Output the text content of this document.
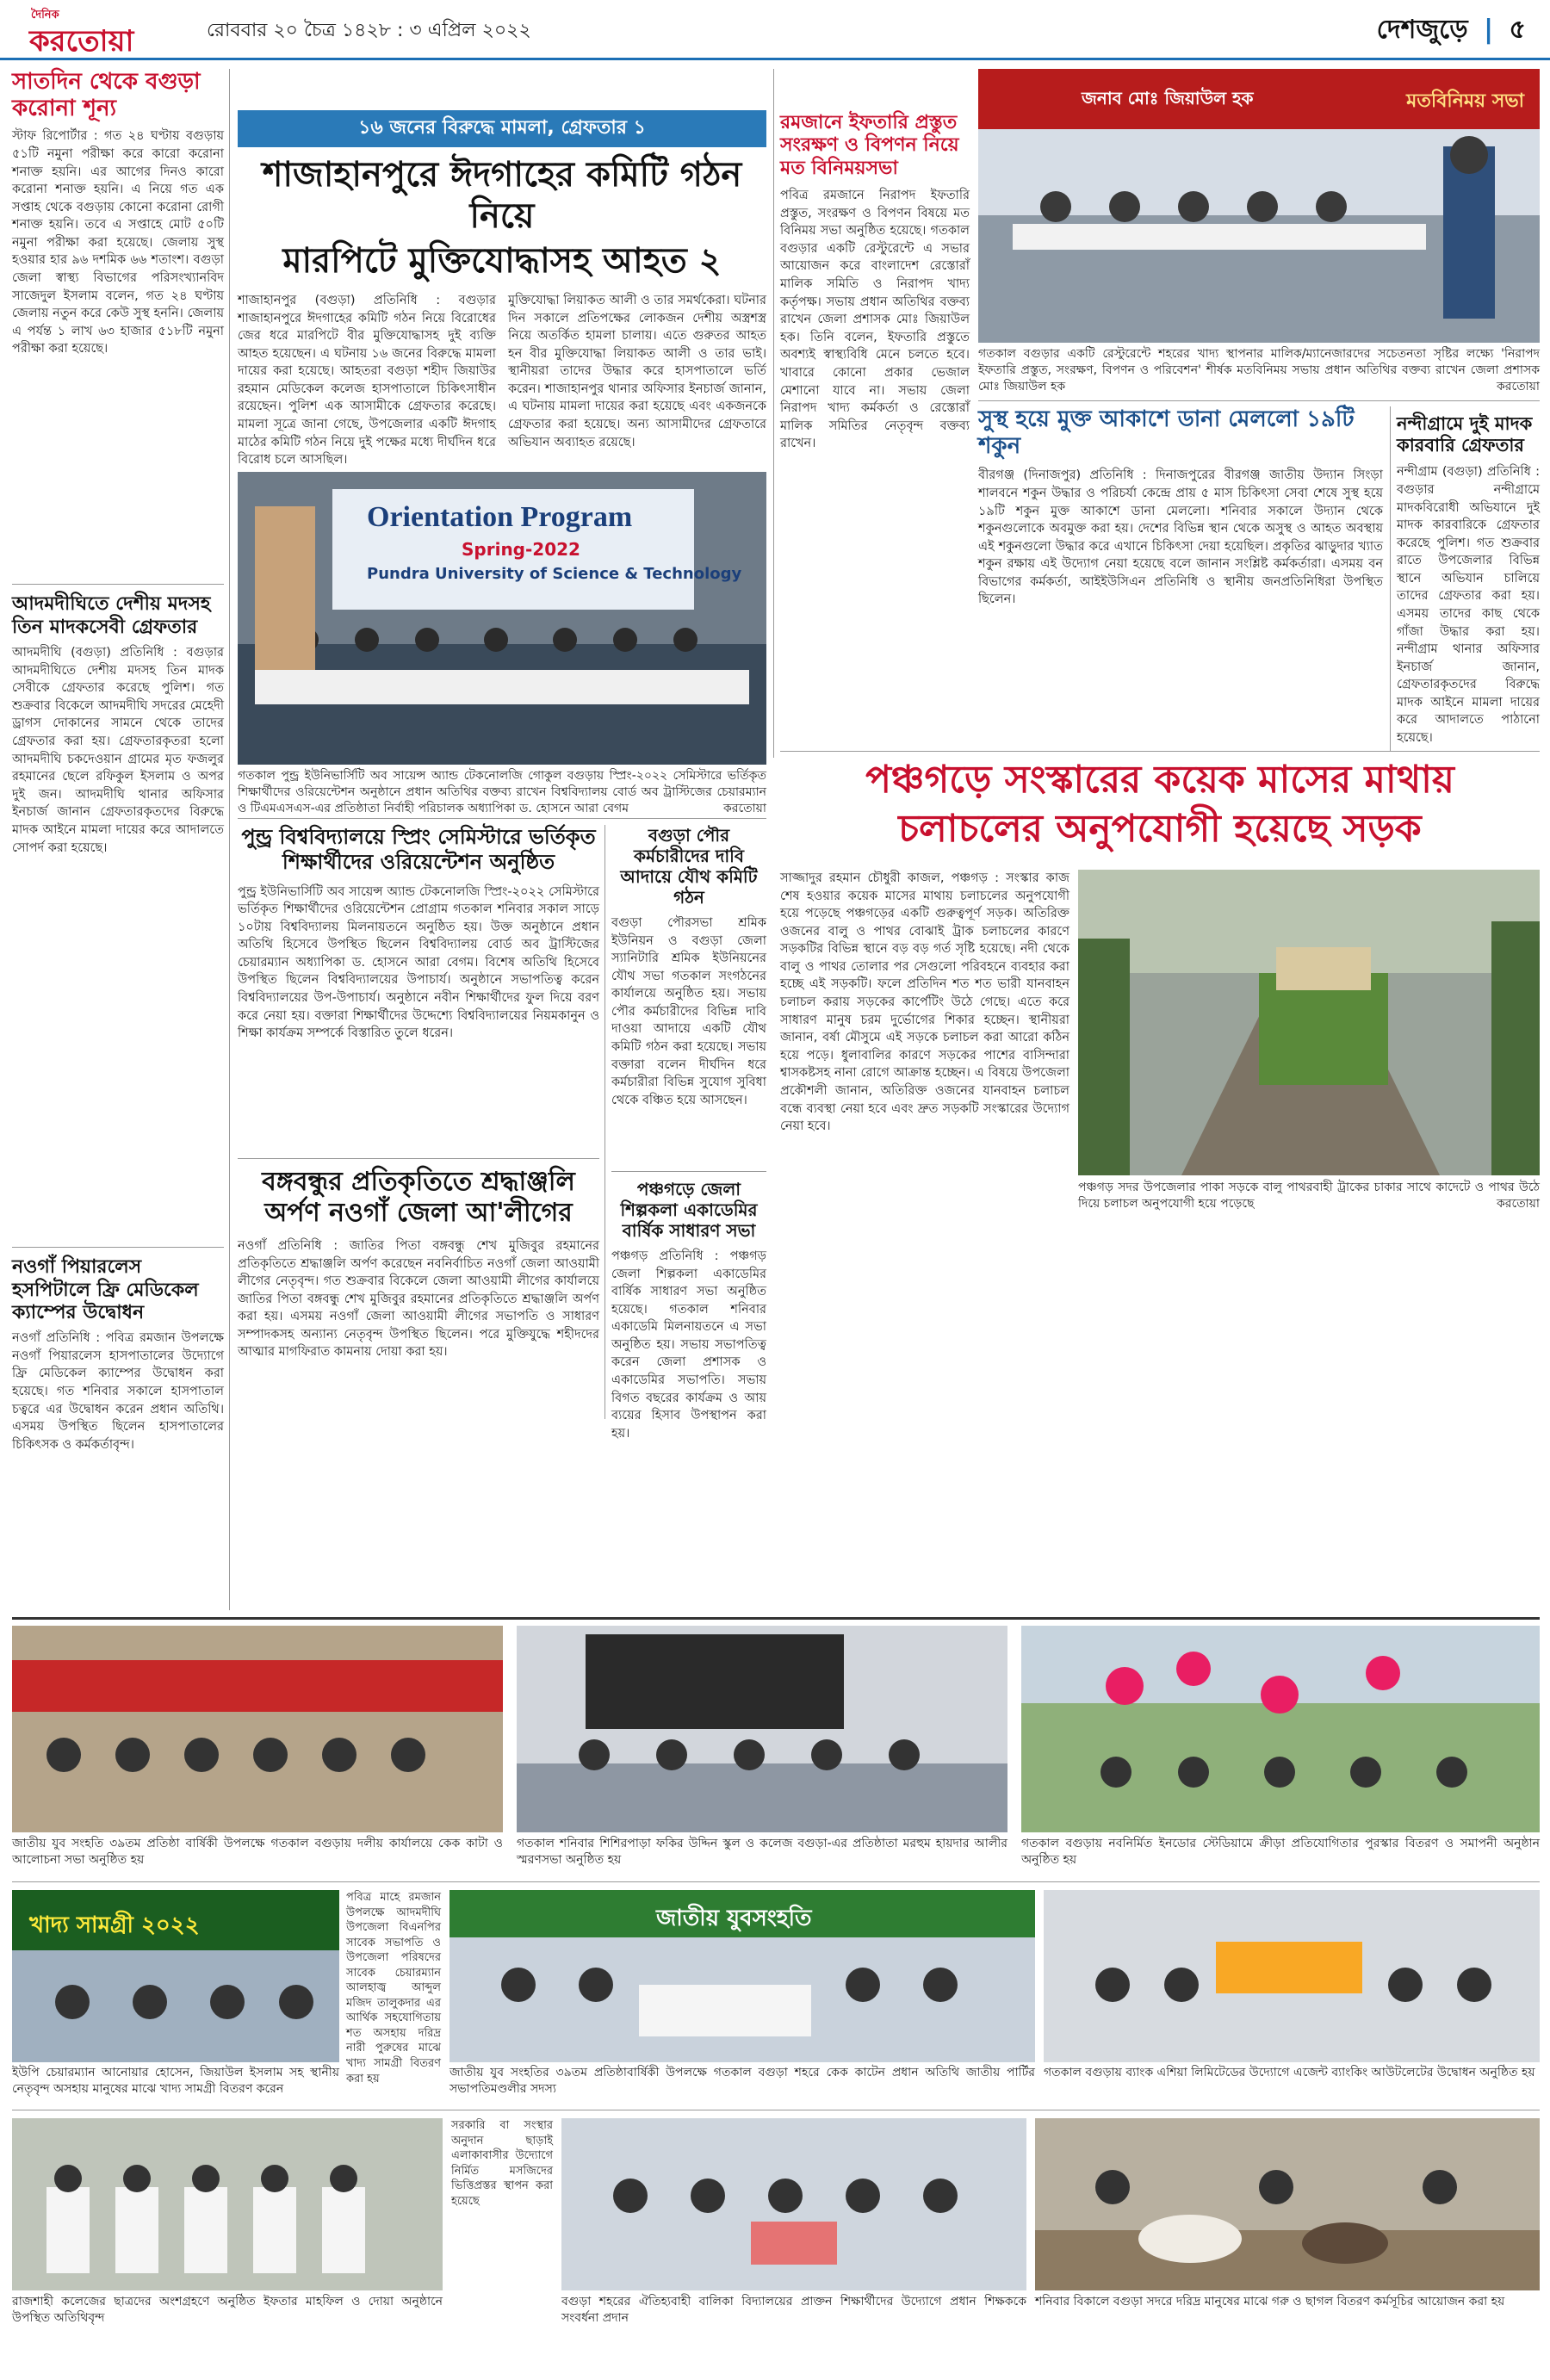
দৈনিক
করতোয়া	রোববার ২০ চৈত্র ১৪২৮ : ৩ এপ্রিল ২০২২	দেশজুড়ে | ৫
সাতদিন থেকে বগুড়া করোনা শূন্য
স্টাফ রিপোর্টার : গত ২৪ ঘণ্টায় বগুড়ায় ৫১টি নমুনা পরীক্ষা করে কারো করোনা শনাক্ত হয়নি। এর আগের দিনও কারো করোনা শনাক্ত হয়নি। এ নিয়ে গত এক সপ্তাহ থেকে বগুড়ায় কোনো করোনা রোগী শনাক্ত হয়নি। তবে এ সপ্তাহে মোট ৫০টি নমুনা পরীক্ষা করা হয়েছে। জেলায় সুস্থ হওয়ার হার ৯৬ দশমিক ৬৬ শতাংশ। বগুড়া জেলা স্বাস্থ্য বিভাগের পরিসংখ্যানবিদ সাজেদুল ইসলাম বলেন, গত ২৪ ঘণ্টায় জেলায় নতুন করে কেউ সুস্থ হননি। জেলায় এ পর্যন্ত ১ লাখ ৬৩ হাজার ৫১৮টি নমুনা পরীক্ষা করা হয়েছে।
আদমদীঘিতে দেশীয় মদসহ তিন মাদকসেবী গ্রেফতার
আদমদীঘি (বগুড়া) প্রতিনিধি : বগুড়ার আদমদীঘিতে দেশীয় মদসহ তিন মাদক সেবীকে গ্রেফতার করেছে পুলিশ। গত শুক্রবার বিকেলে আদমদীঘি সদরের মেহেদী ড্রাগস দোকানের সামনে থেকে তাদের গ্রেফতার করা হয়। গ্রেফতারকৃতরা হলো আদমদীঘি চকদেওয়ান গ্রামের মৃত ফজলুর রহমানের ছেলে রফিকুল ইসলাম ও অপর দুই জন। আদমদীঘি থানার অফিসার ইনচার্জ জানান গ্রেফতারকৃতদের বিরুদ্ধে মাদক আইনে মামলা দায়ের করে আদালতে সোপর্দ করা হয়েছে।
নওগাঁ পিয়ারলেস হসপিটালে ফ্রি মেডিকেল ক্যাম্পের উদ্বোধন
নওগাঁ প্রতিনিধি : পবিত্র রমজান উপলক্ষে নওগাঁ পিয়ারলেস হাসপাতালের উদ্যোগে ফ্রি মেডিকেল ক্যাম্পের উদ্বোধন করা হয়েছে। গত শনিবার সকালে হাসপাতাল চত্বরে এর উদ্বোধন করেন প্রধান অতিথি। এসময় উপস্থিত ছিলেন হাসপাতালের চিকিৎসক ও কর্মকর্তাবৃন্দ।
১৬ জনের বিরুদ্ধে মামলা, গ্রেফতার ১
শাজাহানপুরে ঈদগাহের কমিটি গঠন নিয়ে
মারপিটে মুক্তিযোদ্ধাসহ আহত ২
শাজাহানপুর (বগুড়া) প্রতিনিধি : বগুড়ার শাজাহানপুরে ঈদগাহের কমিটি গঠন নিয়ে বিরোধের জের ধরে মারপিটে বীর মুক্তিযোদ্ধাসহ দুই ব্যক্তি আহত হয়েছেন। এ ঘটনায় ১৬ জনের বিরুদ্ধে মামলা দায়ের করা হয়েছে। আহতরা বগুড়া শহীদ জিয়াউর রহমান মেডিকেল কলেজ হাসপাতালে চিকিৎসাধীন রয়েছেন। পুলিশ এক আসামীকে গ্রেফতার করেছে। মামলা সূত্রে জানা গেছে, উপজেলার একটি ঈদগাহ মাঠের কমিটি গঠন নিয়ে দুই পক্ষের মধ্যে দীর্ঘদিন ধরে বিরোধ চলে আসছিল।
মুক্তিযোদ্ধা লিয়াকত আলী ও তার সমর্থকেরা। ঘটনার দিন সকালে প্রতিপক্ষের লোকজন দেশীয় অস্ত্রশস্ত্র নিয়ে অতর্কিত হামলা চালায়। এতে গুরুতর আহত হন বীর মুক্তিযোদ্ধা লিয়াকত আলী ও তার ভাই। স্থানীয়রা তাদের উদ্ধার করে হাসপাতালে ভর্তি করেন। শাজাহানপুর থানার অফিসার ইনচার্জ জানান, এ ঘটনায় মামলা দায়ের করা হয়েছে এবং একজনকে গ্রেফতার করা হয়েছে। অন্য আসামীদের গ্রেফতারে অভিযান অব্যাহত রয়েছে।
Orientation Program
Spring-2022
Pundra University of Science & Technology
গতকাল পুন্ড্র ইউনিভার্সিটি অব সায়েন্স অ্যান্ড টেকনোলজি গোকুল বগুড়ায় স্প্রিং-২০২২ সেমিস্টারে ভর্তিকৃত শিক্ষার্থীদের ওরিয়েন্টেশন অনুষ্ঠানে প্রধান অতিথির বক্তব্য রাখেন বিশ্ববিদ্যালয় বোর্ড অব ট্রাস্টিজের চেয়ারম্যান ও টিএমএসএস-এর প্রতিষ্ঠাতা নির্বাহী পরিচালক অধ্যাপিকা ড. হোসনে আরা বেগম	করতোয়া
পুন্ড্র বিশ্ববিদ্যালয়ে স্প্রিং সেমিস্টারে ভর্তিকৃত শিক্ষার্থীদের ওরিয়েন্টেশন অনুষ্ঠিত
পুন্ড্র ইউনিভার্সিটি অব সায়েন্স অ্যান্ড টেকনোলজি স্প্রিং-২০২২ সেমিস্টারে ভর্তিকৃত শিক্ষার্থীদের ওরিয়েন্টেশন প্রোগ্রাম গতকাল শনিবার সকাল সাড়ে ১০টায় বিশ্ববিদ্যালয় মিলনায়তনে অনুষ্ঠিত হয়। উক্ত অনুষ্ঠানে প্রধান অতিথি হিসেবে উপস্থিত ছিলেন বিশ্ববিদ্যালয় বোর্ড অব ট্রাস্টিজের চেয়ারম্যান অধ্যাপিকা ড. হোসনে আরা বেগম। বিশেষ অতিথি হিসেবে উপস্থিত ছিলেন বিশ্ববিদ্যালয়ের উপাচার্য। অনুষ্ঠানে সভাপতিত্ব করেন বিশ্ববিদ্যালয়ের উপ-উপাচার্য। অনুষ্ঠানে নবীন শিক্ষার্থীদের ফুল দিয়ে বরণ করে নেয়া হয়। বক্তারা শিক্ষার্থীদের উদ্দেশ্যে বিশ্ববিদ্যালয়ের নিয়মকানুন ও শিক্ষা কার্যক্রম সম্পর্কে বিস্তারিত তুলে ধরেন।
বগুড়া পৌর কর্মচারীদের দাবি আদায়ে যৌথ কমিটি গঠন
বগুড়া পৌরসভা শ্রমিক ইউনিয়ন ও বগুড়া জেলা স্যানিটারি শ্রমিক ইউনিয়নের যৌথ সভা গতকাল সংগঠনের কার্যালয়ে অনুষ্ঠিত হয়। সভায় পৌর কর্মচারীদের বিভিন্ন দাবি দাওয়া আদায়ে একটি যৌথ কমিটি গঠন করা হয়েছে। সভায় বক্তারা বলেন দীর্ঘদিন ধরে কর্মচারীরা বিভিন্ন সুযোগ সুবিধা থেকে বঞ্চিত হয়ে আসছেন।
পঞ্চগড়ে জেলা শিল্পকলা একাডেমির বার্ষিক সাধারণ সভা
পঞ্চগড় প্রতিনিধি : পঞ্চগড় জেলা শিল্পকলা একাডেমির বার্ষিক সাধারণ সভা অনুষ্ঠিত হয়েছে। গতকাল শনিবার একাডেমি মিলনায়তনে এ সভা অনুষ্ঠিত হয়। সভায় সভাপতিত্ব করেন জেলা প্রশাসক ও একাডেমির সভাপতি। সভায় বিগত বছরের কার্যক্রম ও আয় ব্যয়ের হিসাব উপস্থাপন করা হয়।
বঙ্গবন্ধুর প্রতিকৃতিতে শ্রদ্ধাঞ্জলি অর্পণ নওগাঁ জেলা আ'লীগের
নওগাঁ প্রতিনিধি : জাতির পিতা বঙ্গবন্ধু শেখ মুজিবুর রহমানের প্রতিকৃতিতে শ্রদ্ধাঞ্জলি অর্পণ করেছেন নবনির্বাচিত নওগাঁ জেলা আওয়ামী লীগের নেতৃবৃন্দ। গত শুক্রবার বিকেলে জেলা আওয়ামী লীগের কার্যালয়ে জাতির পিতা বঙ্গবন্ধু শেখ মুজিবুর রহমানের প্রতিকৃতিতে শ্রদ্ধাঞ্জলি অর্পণ করা হয়। এসময় নওগাঁ জেলা আওয়ামী লীগের সভাপতি ও সাধারণ সম্পাদকসহ অন্যান্য নেতৃবৃন্দ উপস্থিত ছিলেন। পরে মুক্তিযুদ্ধে শহীদদের আত্মার মাগফিরাত কামনায় দোয়া করা হয়।
রমজানে ইফতারি প্রস্তুত সংরক্ষণ ও বিপণন নিয়ে মত বিনিময়সভা
পবিত্র রমজানে নিরাপদ ইফতারি প্রস্তুত, সংরক্ষণ ও বিপণন বিষয়ে মত বিনিময় সভা অনুষ্ঠিত হয়েছে। গতকাল বগুড়ার একটি রেস্টুরেন্টে এ সভার আয়োজন করে বাংলাদেশ রেস্তোরাঁ মালিক সমিতি ও নিরাপদ খাদ্য কর্তৃপক্ষ। সভায় প্রধান অতিথির বক্তব্য রাখেন জেলা প্রশাসক মোঃ জিয়াউল হক। তিনি বলেন, ইফতারি প্রস্তুতে অবশ্যই স্বাস্থ্যবিধি মেনে চলতে হবে। খাবারে কোনো প্রকার ভেজাল মেশানো যাবে না। সভায় জেলা নিরাপদ খাদ্য কর্মকর্তা ও রেস্তোরাঁ মালিক সমিতির নেতৃবৃন্দ বক্তব্য রাখেন।
মতবিনিময় সভা
জনাব মোঃ জিয়াউল হক
গতকাল বগুড়ার একটি রেস্টুরেন্টে শহরের খাদ্য স্থাপনার মালিক/ম্যানেজারদের সচেতনতা সৃষ্টির লক্ষ্যে 'নিরাপদ ইফতারি প্রস্তুত, সংরক্ষণ, বিপণন ও পরিবেশন' শীর্ষক মতবিনিময় সভায় প্রধান অতিথির বক্তব্য রাখেন জেলা প্রশাসক মোঃ জিয়াউল হক	করতোয়া
সুস্থ হয়ে মুক্ত আকাশে ডানা মেললো ১৯টি শকুন
বীরগঞ্জ (দিনাজপুর) প্রতিনিধি : দিনাজপুরের বীরগঞ্জ জাতীয় উদ্যান সিংড়া শালবনে শকুন উদ্ধার ও পরিচর্যা কেন্দ্রে প্রায় ৫ মাস চিকিৎসা সেবা শেষে সুস্থ হয়ে ১৯টি শকুন মুক্ত আকাশে ডানা মেললো। শনিবার সকালে উদ্যান থেকে শকুনগুলোকে অবমুক্ত করা হয়। দেশের বিভিন্ন স্থান থেকে অসুস্থ ও আহত অবস্থায় এই শকুনগুলো উদ্ধার করে এখানে চিকিৎসা দেয়া হয়েছিল। প্রকৃতির ঝাড়ুদার খ্যাত শকুন রক্ষায় এই উদ্যোগ নেয়া হয়েছে বলে জানান সংশ্লিষ্ট কর্মকর্তারা। এসময় বন বিভাগের কর্মকর্তা, আইইউসিএন প্রতিনিধি ও স্থানীয় জনপ্রতিনিধিরা উপস্থিত ছিলেন।
নন্দীগ্রামে দুই মাদক কারবারি গ্রেফতার
নন্দীগ্রাম (বগুড়া) প্রতিনিধি : বগুড়ার নন্দীগ্রামে মাদকবিরোধী অভিযানে দুই মাদক কারবারিকে গ্রেফতার করেছে পুলিশ। গত শুক্রবার রাতে উপজেলার বিভিন্ন স্থানে অভিযান চালিয়ে তাদের গ্রেফতার করা হয়। এসময় তাদের কাছ থেকে গাঁজা উদ্ধার করা হয়। নন্দীগ্রাম থানার অফিসার ইনচার্জ জানান, গ্রেফতারকৃতদের বিরুদ্ধে মাদক আইনে মামলা দায়ের করে আদালতে পাঠানো হয়েছে।
পঞ্চগড়ে সংস্কারের কয়েক মাসের মাথায়
চলাচলের অনুপযোগী হয়েছে সড়ক
সাজ্জাদুর রহমান চৌধুরী কাজল, পঞ্চগড় : সংস্কার কাজ শেষ হওয়ার কয়েক মাসের মাথায় চলাচলের অনুপযোগী হয়ে পড়েছে পঞ্চগড়ের একটি গুরুত্বপূর্ণ সড়ক। অতিরিক্ত ওজনের বালু ও পাথর বোঝাই ট্রাক চলাচলের কারণে সড়কটির বিভিন্ন স্থানে বড় বড় গর্ত সৃষ্টি হয়েছে। নদী থেকে বালু ও পাথর তোলার পর সেগুলো পরিবহনে ব্যবহার করা হচ্ছে এই সড়কটি। ফলে প্রতিদিন শত শত ভারী যানবাহন চলাচল করায় সড়কের কার্পেটিং উঠে গেছে। এতে করে সাধারণ মানুষ চরম দুর্ভোগের শিকার হচ্ছেন। স্থানীয়রা জানান, বর্ষা মৌসুমে এই সড়কে চলাচল করা আরো কঠিন হয়ে পড়ে। ধুলাবালির কারণে সড়কের পাশের বাসিন্দারা শ্বাসকষ্টসহ নানা রোগে আক্রান্ত হচ্ছেন। এ বিষয়ে উপজেলা প্রকৌশলী জানান, অতিরিক্ত ওজনের যানবাহন চলাচল বন্ধে ব্যবস্থা নেয়া হবে এবং দ্রুত সড়কটি সংস্কারের উদ্যোগ নেয়া হবে।
পঞ্চগড় সদর উপজেলার পাকা সড়কে বালু পাথরবাহী ট্রাকের চাকার সাথে কাদেটে ও পাথর উঠে দিয়ে চলাচল অনুপযোগী হয়ে পড়েছে	করতোয়া
জাতীয় যুব সংহতি ৩৯তম প্রতিষ্ঠা বার্ষিকী উপলক্ষে গতকাল বগুড়ায় দলীয় কার্যালয়ে কেক কাটা ও আলোচনা সভা অনুষ্ঠিত হয়
গতকাল শনিবার শিশিরপাড়া ফকির উদ্দিন স্কুল ও কলেজ বগুড়া-এর প্রতিষ্ঠাতা মরহুম হায়দার আলীর স্মরণসভা অনুষ্ঠিত হয়
গতকাল বগুড়ায় নবনির্মিত ইনডোর স্টেডিয়ামে ক্রীড়া প্রতিযোগিতার পুরস্কার বিতরণ ও সমাপনী অনুষ্ঠান অনুষ্ঠিত হয়
খাদ্য সামগ্রী ২০২২
ইউপি চেয়ারম্যান আনোয়ার হোসেন, জিয়াউল ইসলাম সহ স্থানীয় নেতৃবৃন্দ অসহায় মানুষের মাঝে খাদ্য সামগ্রী বিতরণ করেন
পবিত্র মাহে রমজান উপলক্ষে আদমদীঘি উপজেলা বিএনপির সাবেক সভাপতি ও উপজেলা পরিষদের সাবেক চেয়ারম্যান আলহাজ্ব আব্দুল মজিদ তালুকদার এর আর্থিক সহযোগিতায় শত অসহায় দরিদ্র নারী পুরুষের মাঝে খাদ্য সামগ্রী বিতরণ করা হয়
জাতীয় যুবসংহতি
জাতীয় যুব সংহতির ৩৯তম প্রতিষ্ঠাবার্ষিকী উপলক্ষে গতকাল বগুড়া শহরে কেক কাটেন প্রধান অতিথি জাতীয় পার্টির সভাপতিমণ্ডলীর সদস্য
গতকাল বগুড়ায় ব্যাংক এশিয়া লিমিটেডের উদ্যোগে এজেন্ট ব্যাংকিং আউটলেটের উদ্বোধন অনুষ্ঠিত হয়
রাজশাহী কলেজের ছাত্রদের অংশগ্রহণে অনুষ্ঠিত ইফতার মাহফিল ও দোয়া অনুষ্ঠানে উপস্থিত অতিথিবৃন্দ
সরকারি বা সংস্থার অনুদান ছাড়াই এলাকাবাসীর উদ্যোগে নির্মিত মসজিদের ভিত্তিপ্রস্তর স্থাপন করা হয়েছে
বগুড়া শহরের ঐতিহ্যবাহী বালিকা বিদ্যালয়ের প্রাক্তন শিক্ষার্থীদের উদ্যোগে প্রধান শিক্ষককে সংবর্ধনা প্রদান
শনিবার বিকালে বগুড়া সদরে দরিদ্র মানুষের মাঝে গরু ও ছাগল বিতরণ কর্মসূচির আয়োজন করা হয়
